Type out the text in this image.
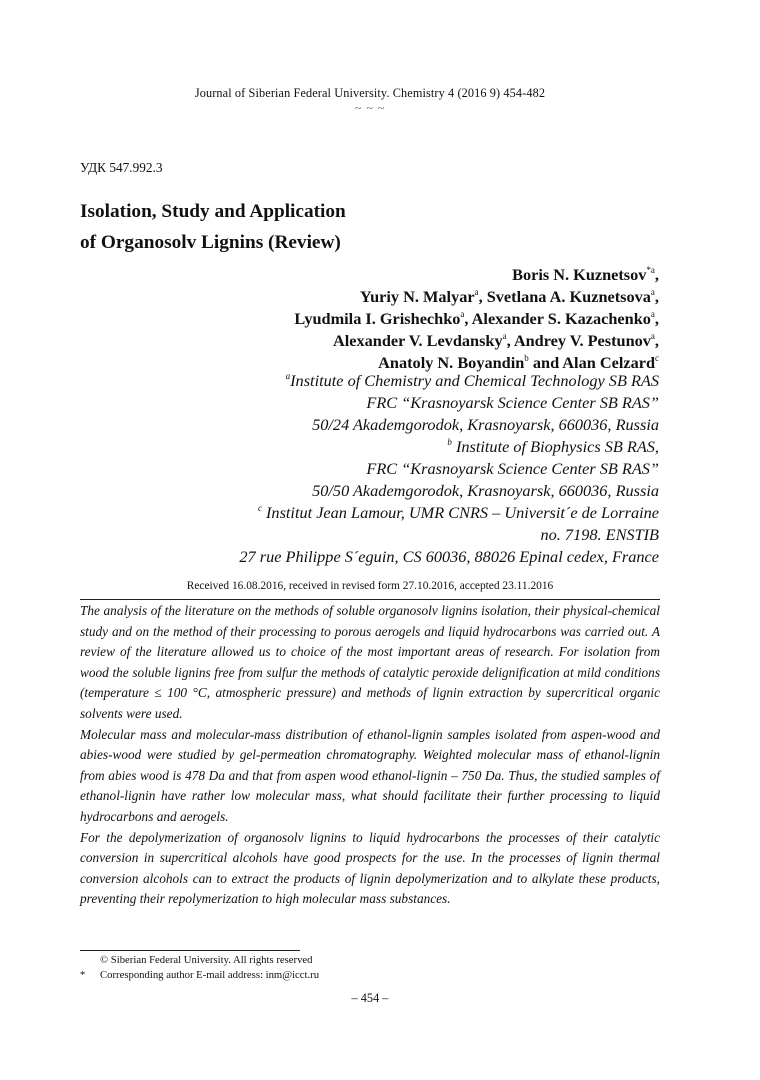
Journal of Siberian Federal University. Chemistry 4 (2016 9) 454-482
~ ~ ~
УДК 547.992.3
Isolation, Study and Application
of Organosolv Lignins (Review)
Boris N. Kuznetsov$^{*a}$,
Yuriy N. Malyar$^a$, Svetlana A. Kuznetsova$^a$,
Lyudmila I. Grishechko$^a$, Alexander S. Kazachenko$^a$,
Alexander V. Levdansky$^a$, Andrey V. Pestunov$^a$,
Anatoly N. Boyandin$^b$ and Alan Celzard$^c$
$^a$Institute of Chemistry and Chemical Technology SB RAS
FRC “Krasnoyarsk Science Center SB RAS”
50/24 Akademgorodok, Krasnoyarsk, 660036, Russia
$^b$ Institute of Biophysics SB RAS,
FRC “Krasnoyarsk Science Center SB RAS”
50/50 Akademgorodok, Krasnoyarsk, 660036, Russia
$^c$ Institut Jean Lamour, UMR CNRS – Universit´e de Lorraine
no. 7198. ENSTIB
27 rue Philippe S´eguin, CS 60036, 88026 Epinal cedex, France
Received 16.08.2016, received in revised form 27.10.2016, accepted 23.11.2016

The analysis of the literature on the methods of soluble organosolv lignins isolation, their physical-chemical study and on the method of their processing to porous aerogels and liquid hydrocarbons was carried out. A review of the literature allowed us to choice of the most important areas of research. For isolation from wood the soluble lignins free from sulfur the methods of catalytic peroxide delignification at mild conditions (temperature ≤ 100 °C, atmospheric pressure) and methods of lignin extraction by supercritical organic solvents were used.

Molecular mass and molecular-mass distribution of ethanol-lignin samples isolated from aspen-wood and abies-wood were studied by gel-permeation chromatography. Weighted molecular mass of ethanol-lignin from abies wood is 478 Da and that from aspen wood ethanol-lignin – 750 Da. Thus, the studied samples of ethanol-lignin have rather low molecular mass, what should facilitate their further processing to liquid hydrocarbons and aerogels.

For the depolymerization of organosolv lignins to liquid hydrocarbons the processes of their catalytic conversion in supercritical alcohols have good prospects for the use. In the processes of lignin thermal conversion alcohols can to extract the products of lignin depolymerization and to alkylate these products, preventing their repolymerization to high molecular mass substances.

© Siberian Federal University. All rights reserved
*	Corresponding author E-mail address: inm@icct.ru
– 454 –
